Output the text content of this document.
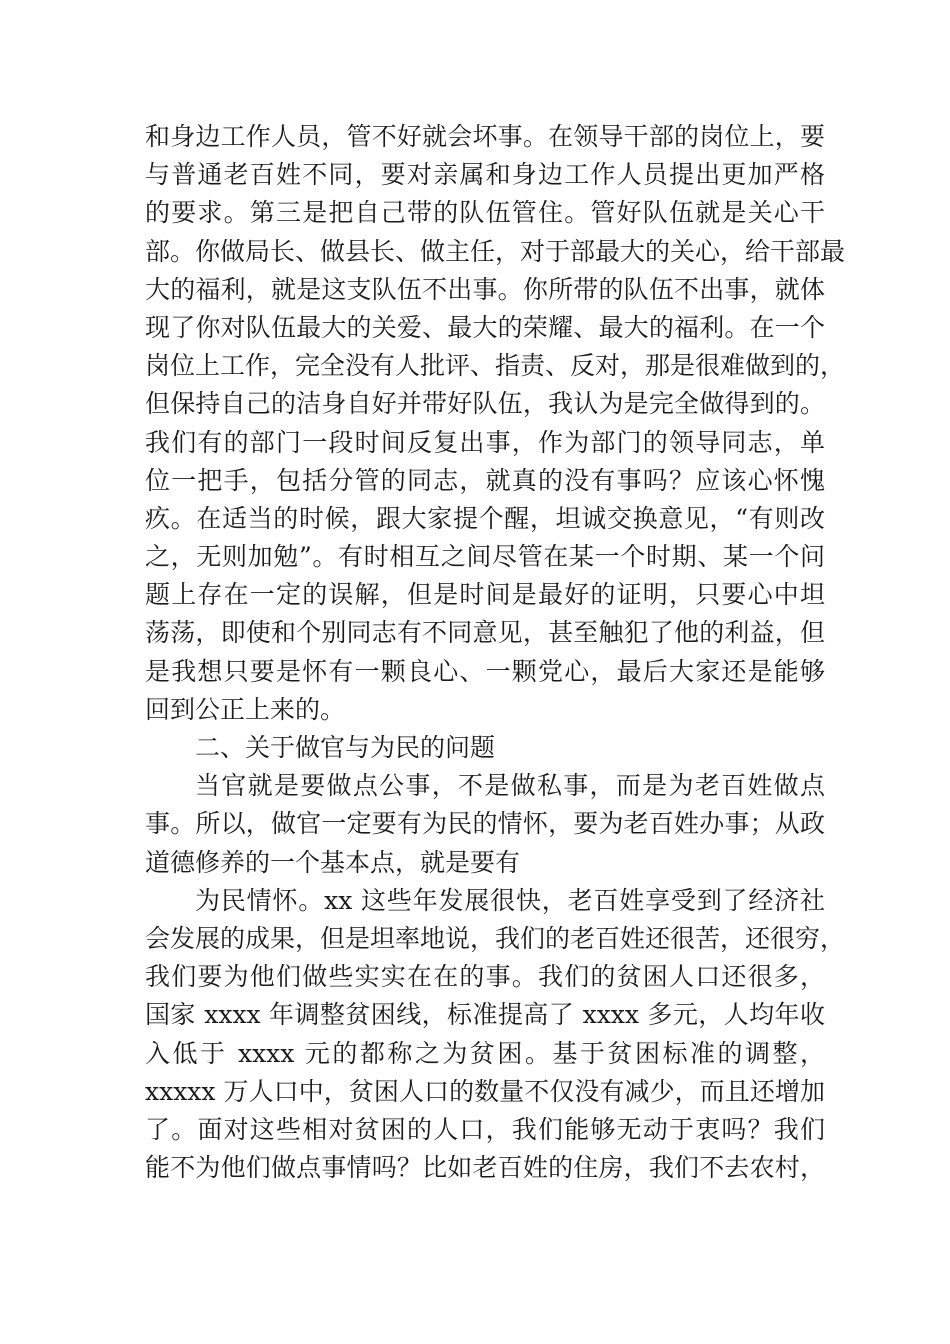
和身边工作人员，管不好就会坏事。在领导干部的岗位上，要
与普通老百姓不同，要对亲属和身边工作人员提出更加严格
的要求。第三是把自己带的队伍管住。管好队伍就是关心干
部。你做局长、做县长、做主任，对于部最大的关心，给干部最
大的福利，就是这支队伍不出事。你所带的队伍不出事，就体
现了你对队伍最大的关爱、最大的荣耀、最大的福利。在一个
岗位上工作，完全没有人批评、指责、反对，那是很难做到的，
但保持自己的洁身自好并带好队伍，我认为是完全做得到的。
我们有的部门一段时间反复出事，作为部门的领导同志，单
位一把手，包括分管的同志，就真的没有事吗？应该心怀愧
疚。在适当的时候，跟大家提个醒，坦诚交换意见，“有则改
之，无则加勉”。有时相互之间尽管在某一个时期、某一个问
题上存在一定的误解，但是时间是最好的证明，只要心中坦
荡荡，即使和个别同志有不同意见，甚至触犯了他的利益，但
是我想只要是怀有一颗良心、一颗党心，最后大家还是能够
回到公正上来的。
二、关于做官与为民的问题
当官就是要做点公事，不是做私事，而是为老百姓做点
事。所以，做官一定要有为民的情怀，要为老百姓办事；从政
道德修养的一个基本点，就是要有
为民情怀。xx 这些年发展很快，老百姓享受到了经济社
会发展的成果，但是坦率地说，我们的老百姓还很苦，还很穷，
我们要为他们做些实实在在的事。我们的贫困人口还很多，
国家 xxxx 年调整贫困线，标准提高了 xxxx 多元，人均年收
入低于 xxxx 元的都称之为贫困。基于贫困标准的调整，
xxxxx 万人口中，贫困人口的数量不仅没有减少，而且还增加
了。面对这些相对贫困的人口，我们能够无动于衷吗？我们
能不为他们做点事情吗？比如老百姓的住房，我们不去农村，
